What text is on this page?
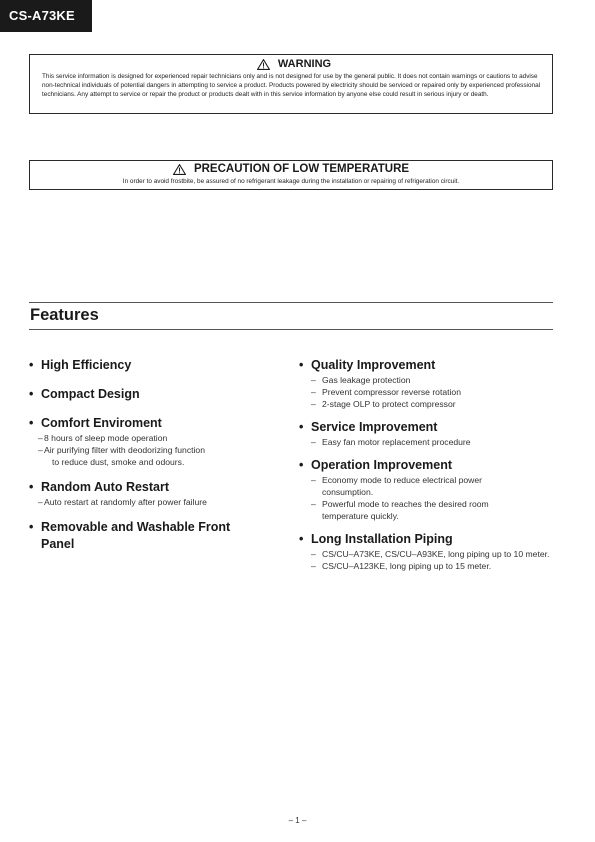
CS-A73KE
WARNING
This service information is designed for experienced repair technicians only and is not designed for use by the general public. It does not contain warnings or cautions to advise non-technical individuals of potential dangers in attempting to service a product. Products powered by electricity should be serviced or repaired only by experienced professional technicians. Any attempt to service or repair the product or products dealt with in this service information by anyone else could result in serious injury or death.
PRECAUTION OF LOW TEMPERATURE
In order to avoid frostbite, be assured of no refrigerant leakage during the installation or repairing of refrigeration circuit.
Features
• High Efficiency
• Compact Design
• Comfort Enviroment
– 8 hours of sleep mode operation
– Air purifying filter with deodorizing function
to reduce dust, smoke and odours.
• Random Auto Restart
– Auto restart at randomly after power failure
• Removable and Washable Front Panel
• Quality Improvement
– Gas leakage protection
– Prevent compressor reverse rotation
– 2-stage OLP to protect compressor
• Service Improvement
– Easy fan motor replacement procedure
• Operation Improvement
– Economy mode to reduce electrical power consumption.
– Powerful mode to reaches the desired room temperature quickly.
• Long Installation Piping
– CS/CU–A73KE, CS/CU–A93KE, long piping up to 10 meter.
– CS/CU–A123KE, long piping up to 15 meter.
– 1 –
